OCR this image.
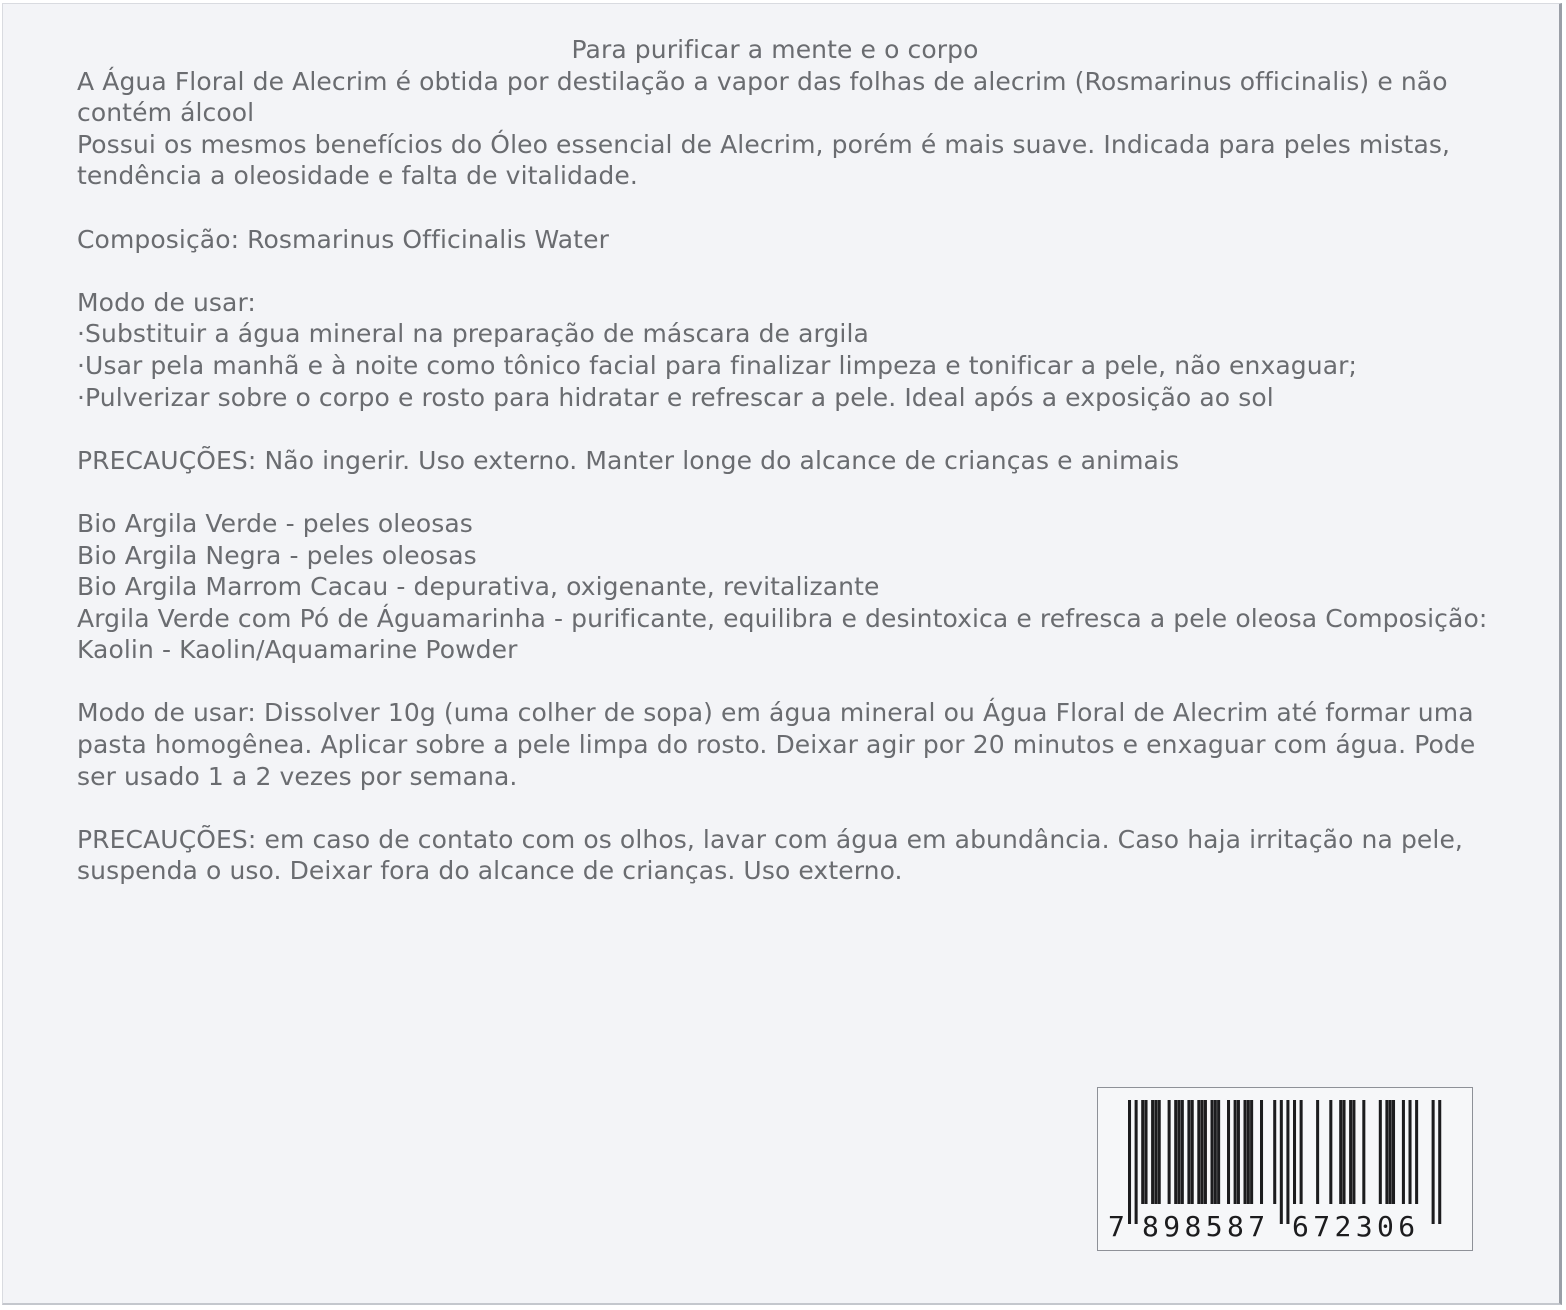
Para purificar a mente e o corpo

A Água Floral de Alecrim é obtida por destilação a vapor das folhas de alecrim (Rosmarinus officinalis) e não contém álcool
Possui os mesmos benefícios do Óleo essencial de Alecrim, porém é mais suave. Indicada para peles mistas, tendência a oleosidade e falta de vitalidade.

Composição: Rosmarinus Officinalis Water

Modo de usar:
·Substituir a água mineral na preparação de máscara de argila
·Usar pela manhã e à noite como tônico facial para finalizar limpeza e tonificar a pele, não enxaguar;
·Pulverizar sobre o corpo e rosto para hidratar e refrescar a pele. Ideal após a exposição ao sol

PRECAUÇÕES: Não ingerir. Uso externo. Manter longe do alcance de crianças e animais

Bio Argila Verde - peles oleosas
Bio Argila Negra - peles oleosas
Bio Argila Marrom Cacau - depurativa, oxigenante, revitalizante
Argila Verde com Pó de Águamarinha - purificante, equilibra e desintoxica e refresca a pele oleosa Composição: Kaolin - Kaolin/Aquamarine Powder

Modo de usar: Dissolver 10g (uma colher de sopa) em água mineral ou Água Floral de Alecrim até formar uma pasta homogênea. Aplicar sobre a pele limpa do rosto. Deixar agir por 20 minutos e enxaguar com água. Pode ser usado 1 a 2 vezes por semana.

PRECAUÇÕES: em caso de contato com os olhos, lavar com água em abundância. Caso haja irritação na pele, suspenda o uso. Deixar fora do alcance de crianças. Uso externo.

7 898587 672306
